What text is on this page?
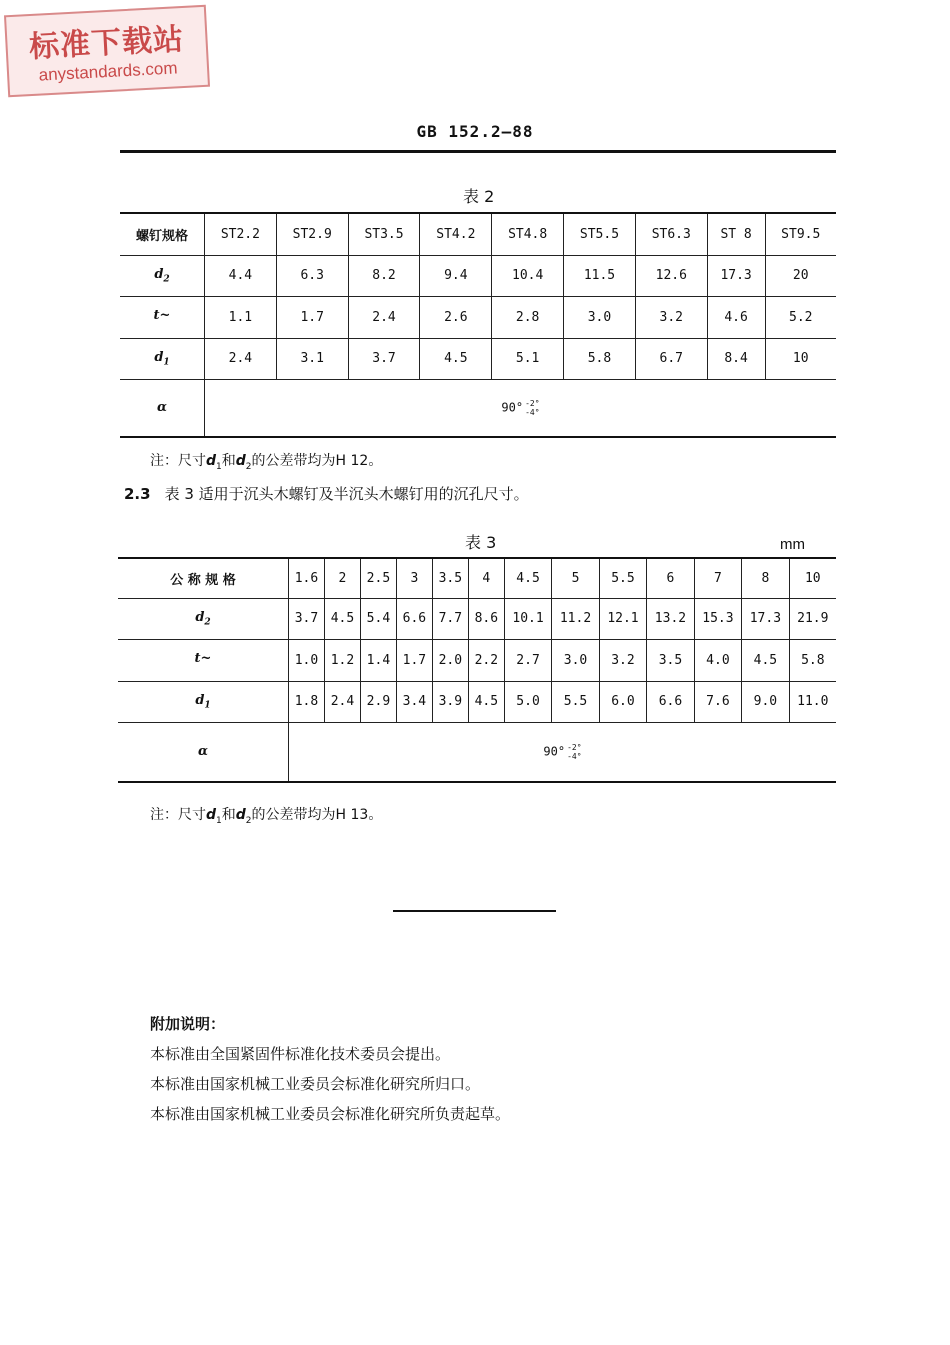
标准下载站
anystandards.com
GB 152.2—88
表 2
螺钉规格	ST2.2	ST2.9	ST3.5	ST4.2	ST4.8	ST5.5	ST6.3	ST 8	ST9.5
$d_2$	4.4	6.3	8.2	9.4	10.4	11.5	12.6	17.3	20
t~	1.1	1.7	2.4	2.6	2.8	3.0	3.2	4.6	5.2
$d_1$	2.4	3.1	3.7	4.5	5.1	5.8	6.7	8.4	10
α	90° -2°
-4°								
注：尺寸$d_1$和$d_2$的公差带均为H 12。
2.3 表 3 适用于沉头木螺钉及半沉头木螺钉用的沉孔尺寸。
表 3	mm
公 称 规 格	1.6	2	2.5	3	3.5	4	4.5	5	5.5	6	7	8	10
$d_2$	3.7	4.5	5.4	6.6	7.7	8.6	10.1	11.2	12.1	13.2	15.3	17.3	21.9
t~	1.0	1.2	1.4	1.7	2.0	2.2	2.7	3.0	3.2	3.5	4.0	4.5	5.8
$d_1$	1.8	2.4	2.9	3.4	3.9	4.5	5.0	5.5	6.0	6.6	7.6	9.0	11.0
α	90° -2°
-4°												
注：尺寸$d_1$和$d_2$的公差带均为H 13。
附加说明：
本标准由全国紧固件标准化技术委员会提出。
本标准由国家机械工业委员会标准化研究所归口。
本标准由国家机械工业委员会标准化研究所负责起草。
